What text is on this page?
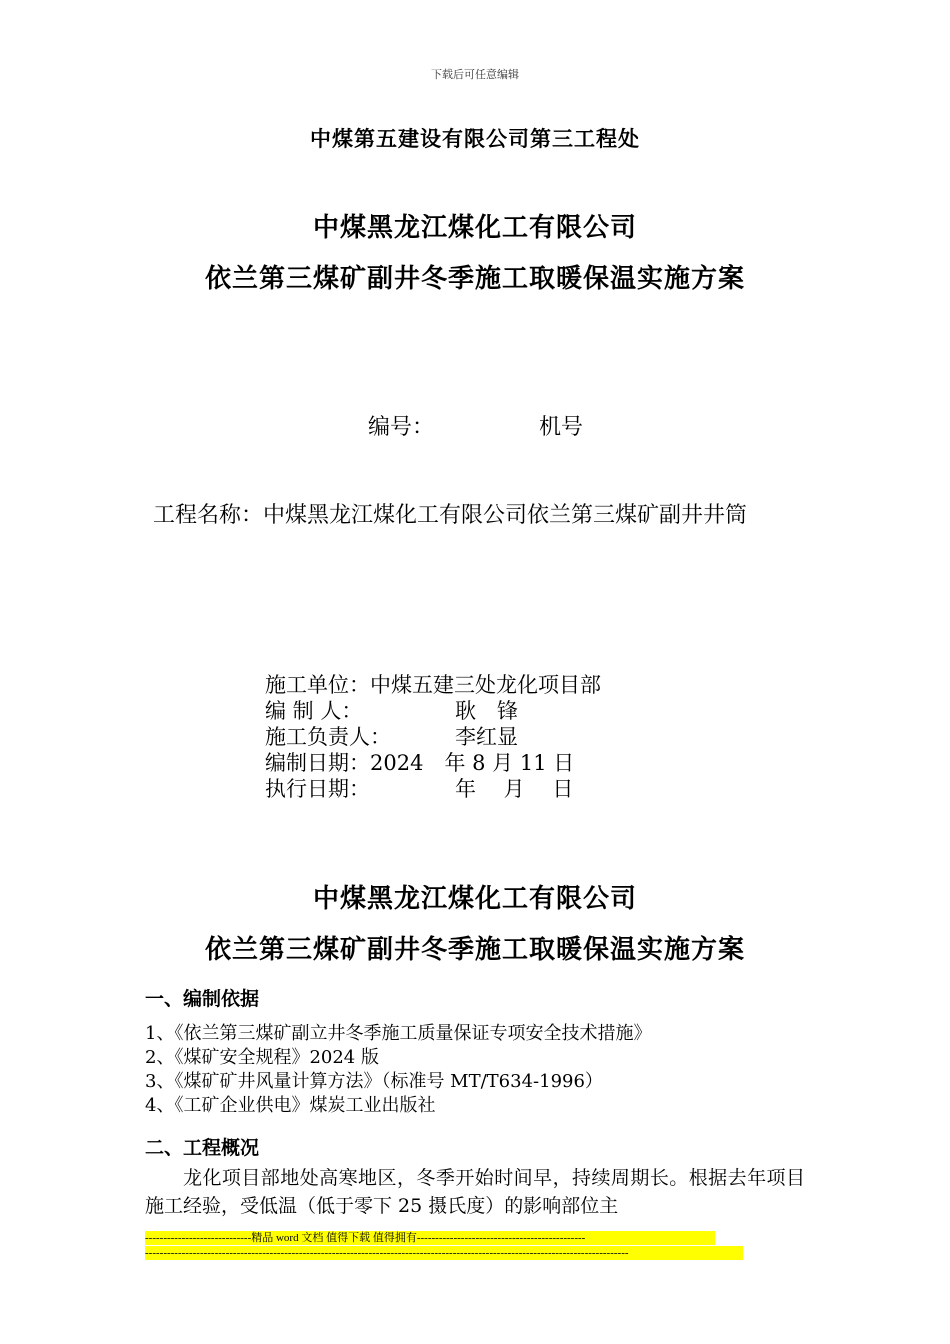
下载后可任意编辑
中煤第五建设有限公司第三工程处
中煤黑龙江煤化工有限公司
依兰第三煤矿副井冬季施工取暖保温实施方案
编号：	机号
工程名称：中煤黑龙江煤化工有限公司依兰第三煤矿副井井筒
施工单位： 中煤五建三处龙化项目部
编 制 人：	耿　锋
施工负责人：	李红显
编制日期： 2024　年 8 月 11 日
执行日期：	年　 月　 日
中煤黑龙江煤化工有限公司
依兰第三煤矿副井冬季施工取暖保温实施方案
一、编制依据
1、《依兰第三煤矿副立井冬季施工质量保证专项安全技术措施》
2、《煤矿安全规程》2024 版
3、《煤矿矿井风量计算方法》（标准号 MT/T634-1996）
4、《工矿企业供电》煤炭工业出版社
二、工程概况

龙化项目部地处高寒地区，冬季开始时间早，持续周期长。根据去年项目施工经验，受低温（低于零下 25 摄氏度）的影响部位主

-----------------------------精品 word 文档 值得下载 值得拥有----------------------------------------------
------------------------------------------------------------------------------------------------------------------------------------
